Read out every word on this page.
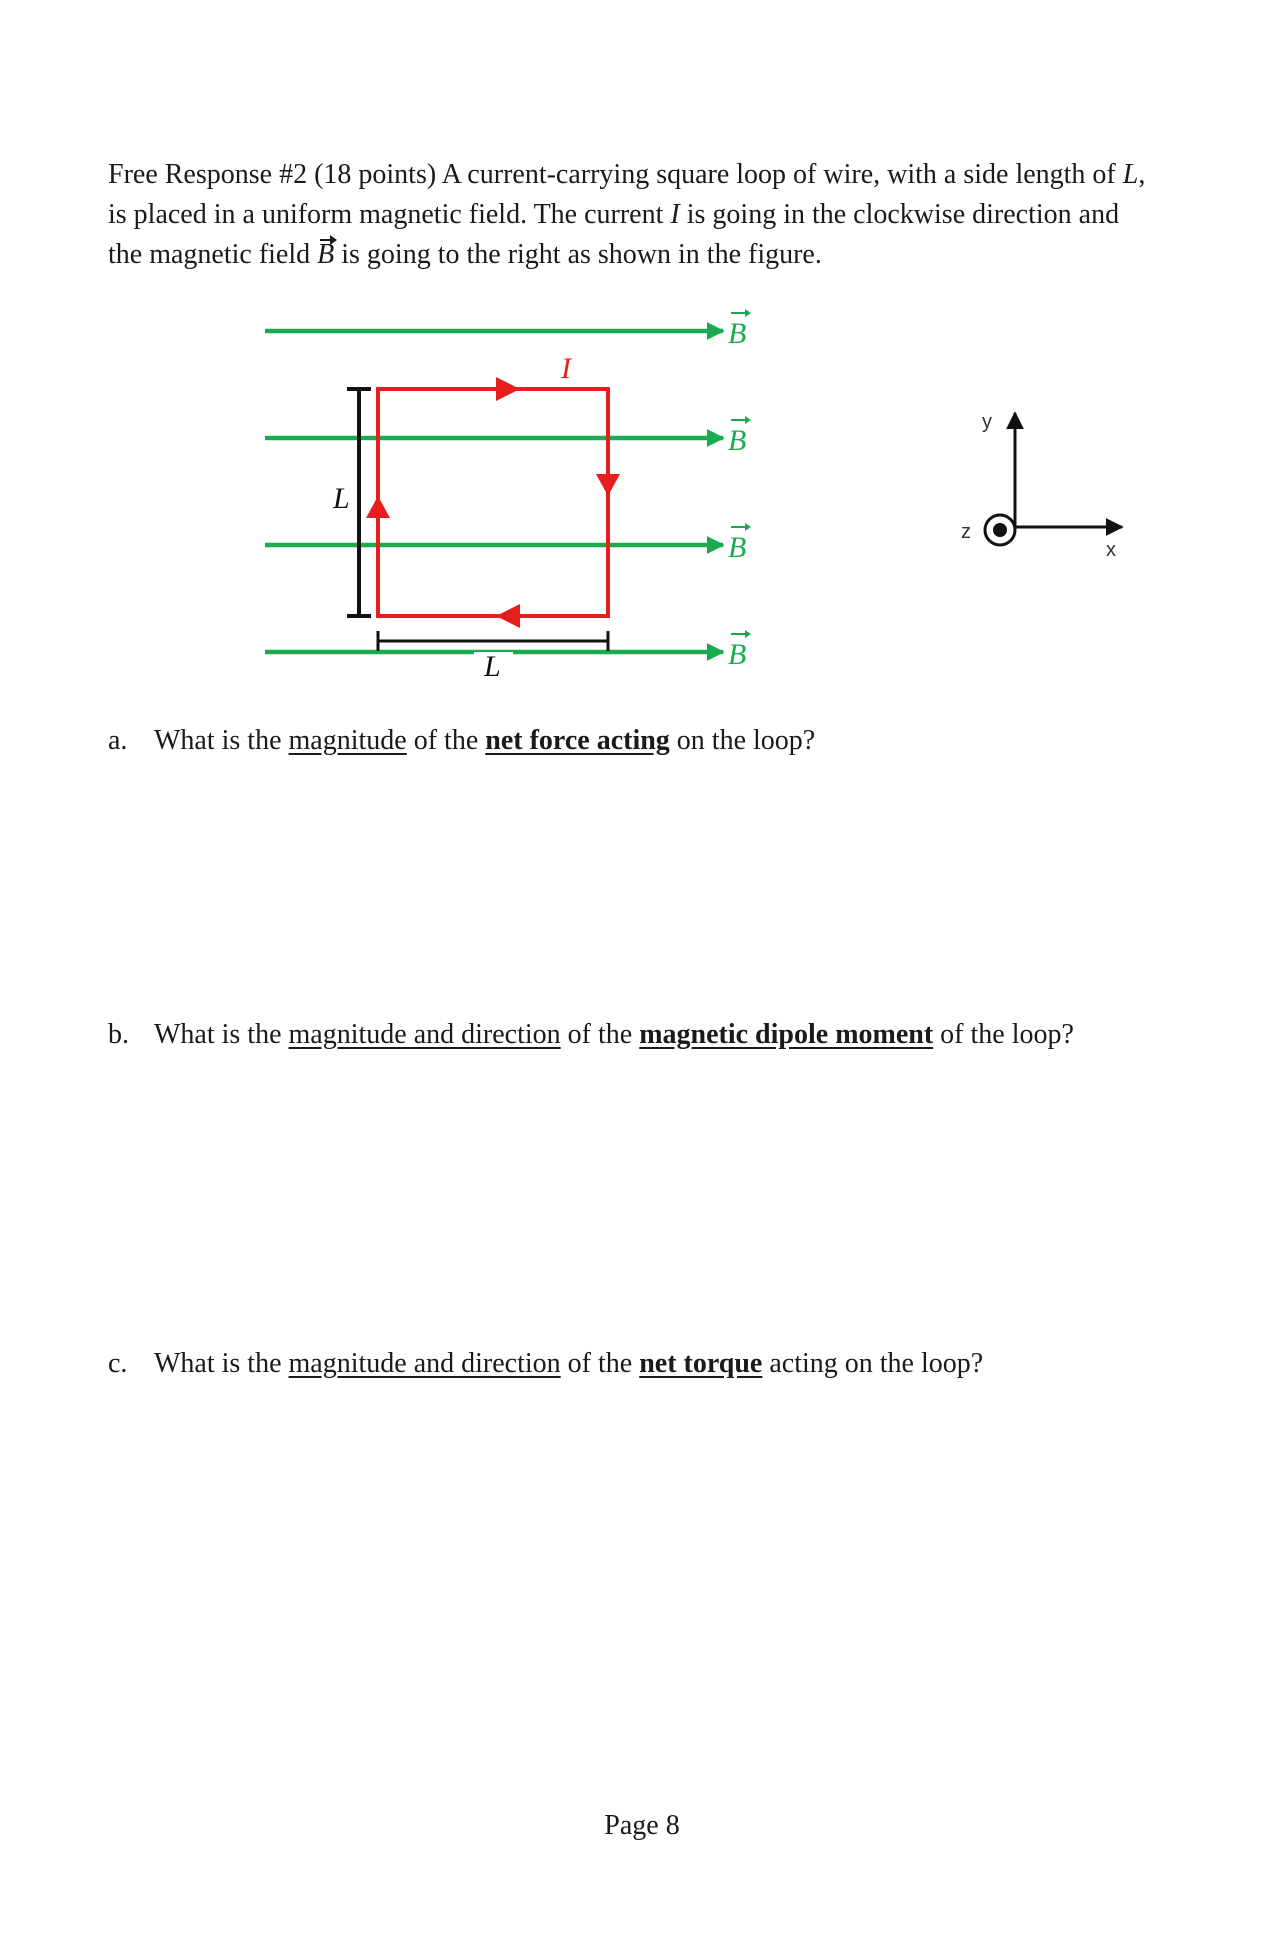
Free Response #2 (18 points) A current-carrying square loop of wire, with a side length of L,
is placed in a uniform magnetic field. The current I is going in the clockwise direction and
the magnetic field B is going to the right as shown in the figure.

B
B
B
B
I
L
L
y
x
z
a. What is the magnitude of the net force acting on the loop?
b. What is the magnitude and direction of the magnetic dipole moment of the loop?
c. What is the magnitude and direction of the net torque acting on the loop?
Page 8
